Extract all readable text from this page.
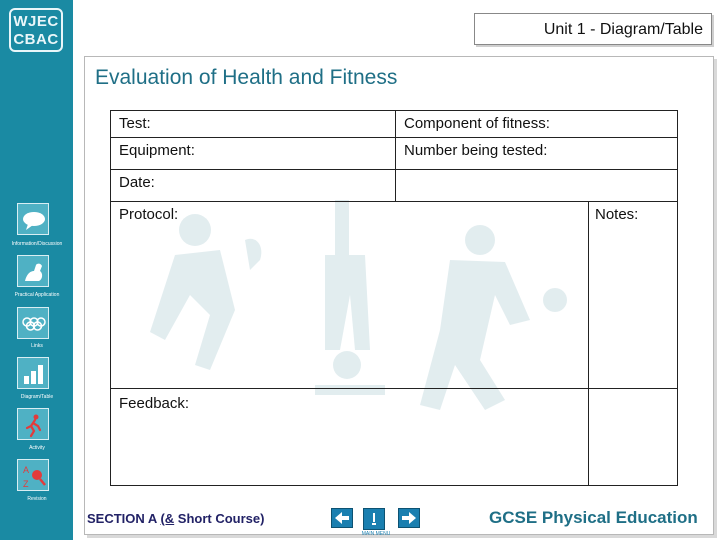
WJEC
CBAC
Information/Discussion
Practical Application
Links
Diagram/Table
Activity
A
Z
Revision
Unit 1 - Diagram/Table
Evaluation of Health and Fitness
Test:	Component of fitness:
Equipment:	Number being tested:
Date:
Protocol:	Notes:
Feedback:
SECTION A (& Short Course)
MAIN MENU
GCSE Physical Education
